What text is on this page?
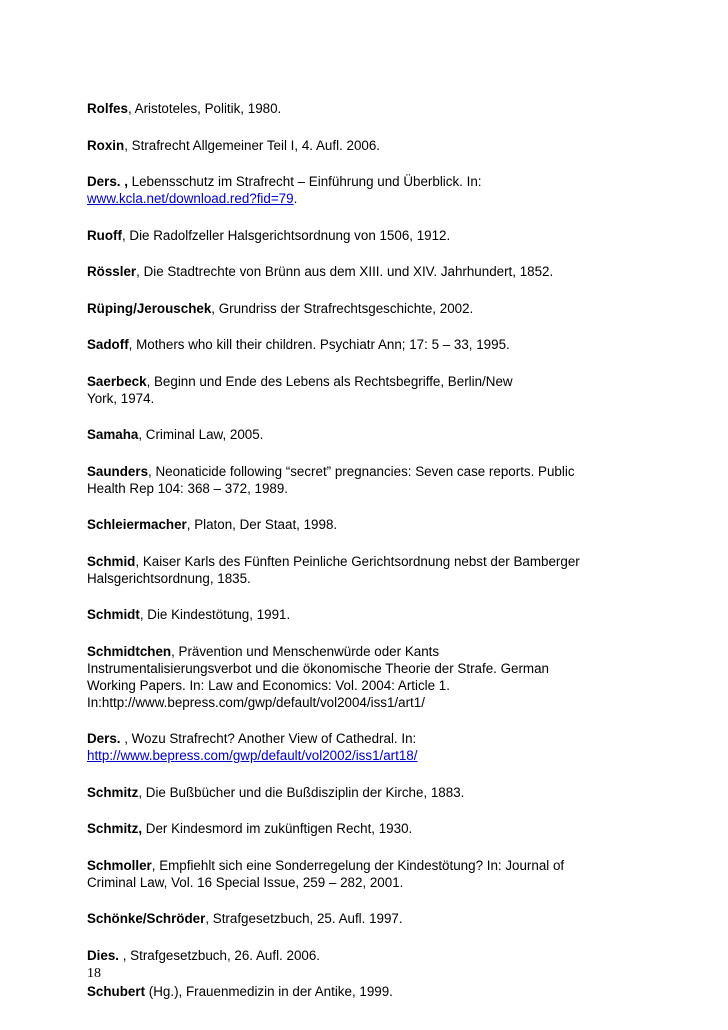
Rolfes, Aristoteles, Politik, 1980.
Roxin, Strafrecht Allgemeiner Teil I, 4. Aufl. 2006.
Ders. , Lebensschutz im Strafrecht – Einführung und Überblick. In:
www.kcla.net/download.red?fid=79.
Ruoff, Die Radolfzeller Halsgerichtsordnung von 1506, 1912.
Rössler, Die Stadtrechte von Brünn aus dem XIII. und XIV. Jahrhundert, 1852.
Rüping/Jerouschek, Grundriss der Strafrechtsgeschichte, 2002.
Sadoff, Mothers who kill their children. Psychiatr Ann; 17: 5 – 33, 1995.
Saerbeck, Beginn und Ende des Lebens als Rechtsbegriffe, Berlin/New
York, 1974.
Samaha, Criminal Law, 2005.
Saunders, Neonaticide following “secret” pregnancies: Seven case reports. Public
Health Rep 104: 368 – 372, 1989.
Schleiermacher, Platon, Der Staat, 1998.
Schmid, Kaiser Karls des Fünften Peinliche Gerichtsordnung nebst der Bamberger
Halsgerichtsordnung, 1835.
Schmidt, Die Kindestötung, 1991.
Schmidtchen, Prävention und Menschenwürde oder Kants
Instrumentalisierungsverbot und die ökonomische Theorie der Strafe. German
Working Papers. In: Law and Economics: Vol. 2004: Article 1.
In:http://www.bepress.com/gwp/default/vol2004/iss1/art1/
Ders. , Wozu Strafrecht? Another View of Cathedral. In:
http://www.bepress.com/gwp/default/vol2002/iss1/art18/
Schmitz, Die Bußbücher und die Bußdisziplin der Kirche, 1883.
Schmitz, Der Kindesmord im zukünftigen Recht, 1930.
Schmoller, Empfiehlt sich eine Sonderregelung der Kindestötung? In: Journal of
Criminal Law, Vol. 16 Special Issue, 259 – 282, 2001.
Schönke/Schröder, Strafgesetzbuch, 25. Aufl. 1997.
Dies. , Strafgesetzbuch, 26. Aufl. 2006.
Schubert (Hg.), Frauenmedizin in der Antike, 1999.
18
